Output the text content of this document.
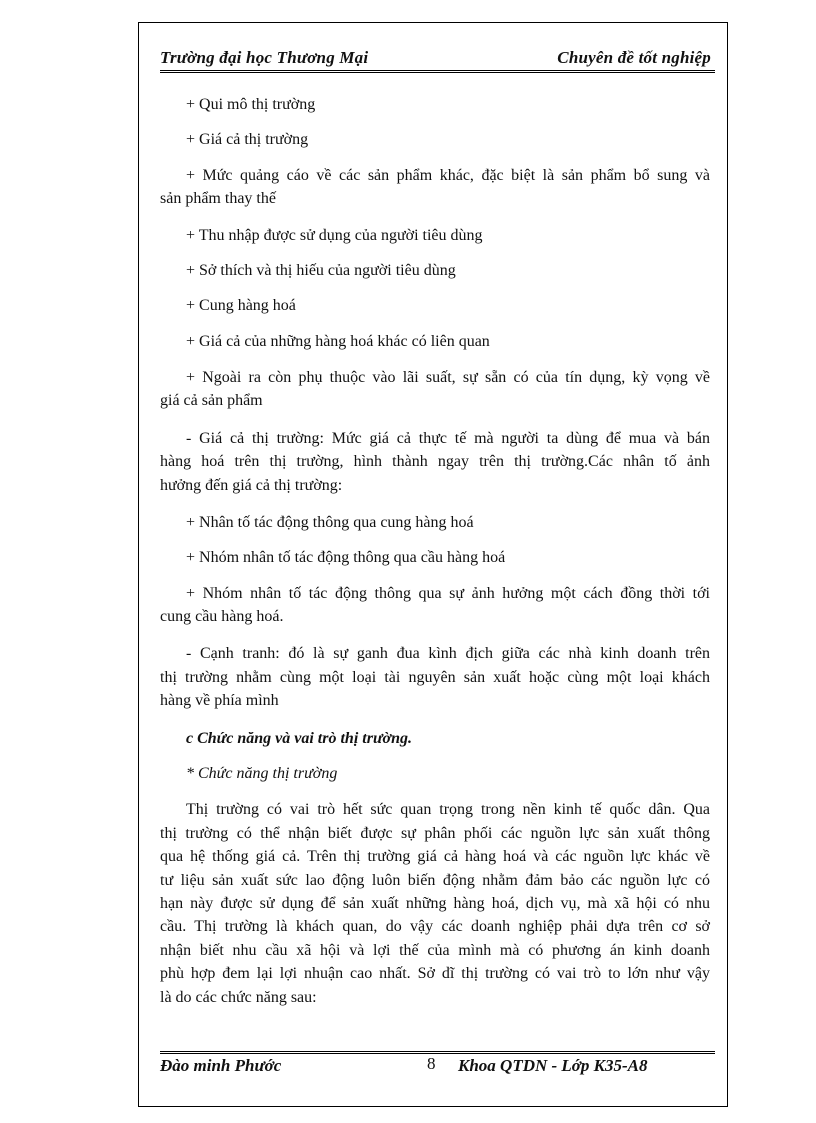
Trường đại học Thương Mại	Chuyên đề tốt nghiệp
+ Qui mô thị trường
+ Giá cả thị trường
+ Mức quảng cáo về các sản phẩm khác, đặc biệt là sản phẩm bổ sung và
sản phẩm thay thế
+ Thu nhập được sử dụng của người tiêu dùng
+ Sở thích và thị hiếu của người tiêu dùng
+ Cung hàng hoá
+ Giá cả của những hàng hoá khác có liên quan
+ Ngoài ra còn phụ thuộc vào lãi suất, sự sẵn có của tín dụng, kỳ vọng về
giá cả sản phẩm
- Giá cả thị trường: Mức giá cả thực tế mà người ta dùng để mua và bán
hàng hoá trên thị trường, hình thành ngay trên thị trường.Các nhân tố ảnh
hưởng đến giá cả thị trường:
+ Nhân tố tác động thông qua cung hàng hoá
+ Nhóm nhân tố tác động thông qua cầu hàng hoá
+ Nhóm nhân tố tác động thông qua sự ảnh hưởng một cách đồng thời tới
cung cầu hàng hoá.
- Cạnh tranh: đó là sự ganh đua kình địch giữa các nhà kinh doanh trên
thị trường nhằm cùng một loại tài nguyên sản xuất hoặc cùng một loại khách
hàng về phía mình
c Chức năng và vai trò thị trường.
* Chức năng thị trường
Thị trường có vai trò hết sức quan trọng trong nền kinh tế quốc dân. Qua
thị trường có thể nhận biết được sự phân phối các nguồn lực sản xuất thông
qua hệ thống giá cả. Trên thị trường giá cả hàng hoá và các nguồn lực khác về
tư liệu sản xuất sức lao động luôn biến động nhằm đảm bảo các nguồn lực có
hạn này được sử dụng để sản xuất những hàng hoá, dịch vụ, mà xã hội có nhu
cầu. Thị trường là khách quan, do vậy các doanh nghiệp phải dựa trên cơ sở
nhận biết nhu cầu xã hội và lợi thế của mình mà có phương án kinh doanh
phù hợp đem lại lợi nhuận cao nhất. Sở dĩ thị trường có vai trò to lớn như vậy
là do các chức năng sau:
Đào minh Phước	8 Khoa QTDN - Lớp K35-A8
